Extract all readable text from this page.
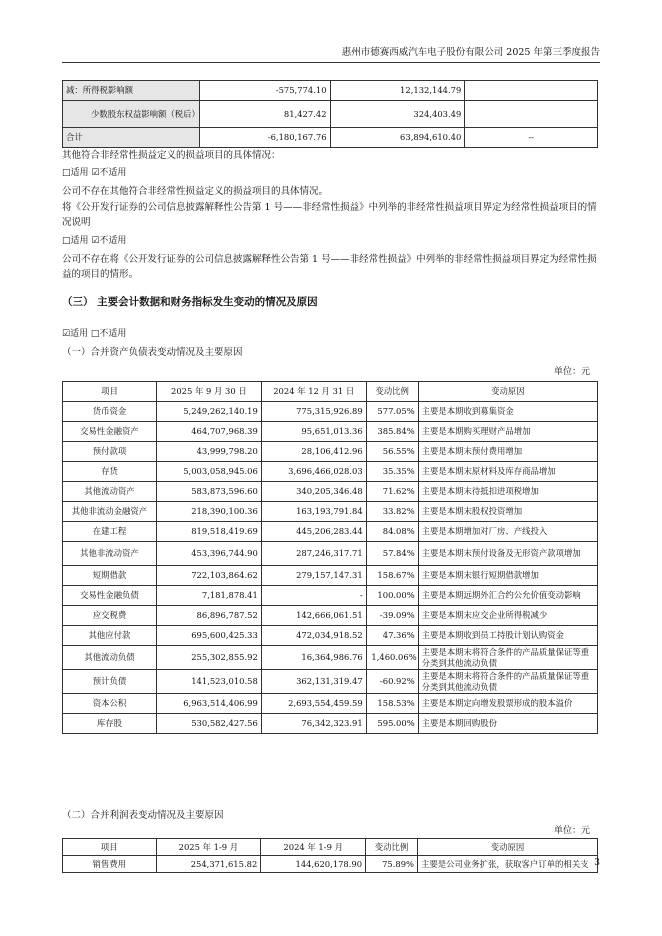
惠州市德赛西威汽车电子股份有限公司 2025 年第三季度报告
减：所得税影响额	-575,774.10	12,132,144.79	
少数股东权益影响额（税后）	81,427.42	324,403.49	
合计	-6,180,167.76	63,894,610.40	--
其他符合非经常性损益定义的损益项目的具体情况：
□适用 ☑不适用
公司不存在其他符合非经常性损益定义的损益项目的具体情况。
将《公开发行证券的公司信息披露解释性公告第 1 号——非经常性损益》中列举的非经常性损益项目界定为经常性损益项目的情况说明
□适用 ☑不适用
公司不存在将《公开发行证券的公司信息披露解释性公告第 1 号——非经常性损益》中列举的非经常性损益项目界定为经常性损益的项目的情形。
（三） 主要会计数据和财务指标发生变动的情况及原因
☑适用 □不适用
（一）合并资产负债表变动情况及主要原因
单位：元
项目	2025 年 9 月 30 日	2024 年 12 月 31 日	变动比例	变动原因
货币资金	5,249,262,140.19	775,315,926.89	577.05%	主要是本期收到募集资金
交易性金融资产	464,707,968.39	95,651,013.36	385.84%	主要是本期购买理财产品增加
预付款项	43,999,798.20	28,106,412.96	56.55%	主要是本期末预付费用增加
存货	5,003,058,945.06	3,696,466,028.03	35.35%	主要是本期末原材料及库存商品增加
其他流动资产	583,873,596.60	340,205,346.48	71.62%	主要是本期末待抵扣进项税增加
其他非流动金融资产	218,390,100.36	163,193,791.84	33.82%	主要是本期末股权投资增加
在建工程	819,518,419.69	445,206,283.44	84.08%	主要是本期增加对厂房、产线投入
其他非流动资产	453,396,744.90	287,246,317.71	57.84%	主要是本期末预付设备及无形资产款项增加
短期借款	722,103,864.62	279,157,147.31	158.67%	主要是本期末银行短期借款增加
交易性金融负债	7,181,878.41	-	100.00%	主要是本期远期外汇合约公允价值变动影响
应交税费	86,896,787.52	142,666,061.51	-39.09%	主要是本期末应交企业所得税减少
其他应付款	695,600,425.33	472,034,918.52	47.36%	主要是本期收到员工持股计划认购资金
其他流动负债	255,302,855.92	16,364,986.76	1,460.06%	主要是本期末将符合条件的产品质量保证等重分类到其他流动负债
预计负债	141,523,010.58	362,131,319.47	-60.92%	主要是本期末将符合条件的产品质量保证等重分类到其他流动负债
资本公积	6,963,514,406.99	2,693,554,459.59	158.53%	主要是本期定向增发股票形成的股本溢价
库存股	530,582,427.56	76,342,323.91	595.00%	主要是本期回购股份
（二）合并利润表变动情况及主要原因
单位：元
项目	2025 年 1-9 月	2024 年 1-9 月	变动比例	变动原因
销售费用	254,371,615.82	144,620,178.90	75.89%	主要是公司业务扩张，获取客户订单的相关支 3
